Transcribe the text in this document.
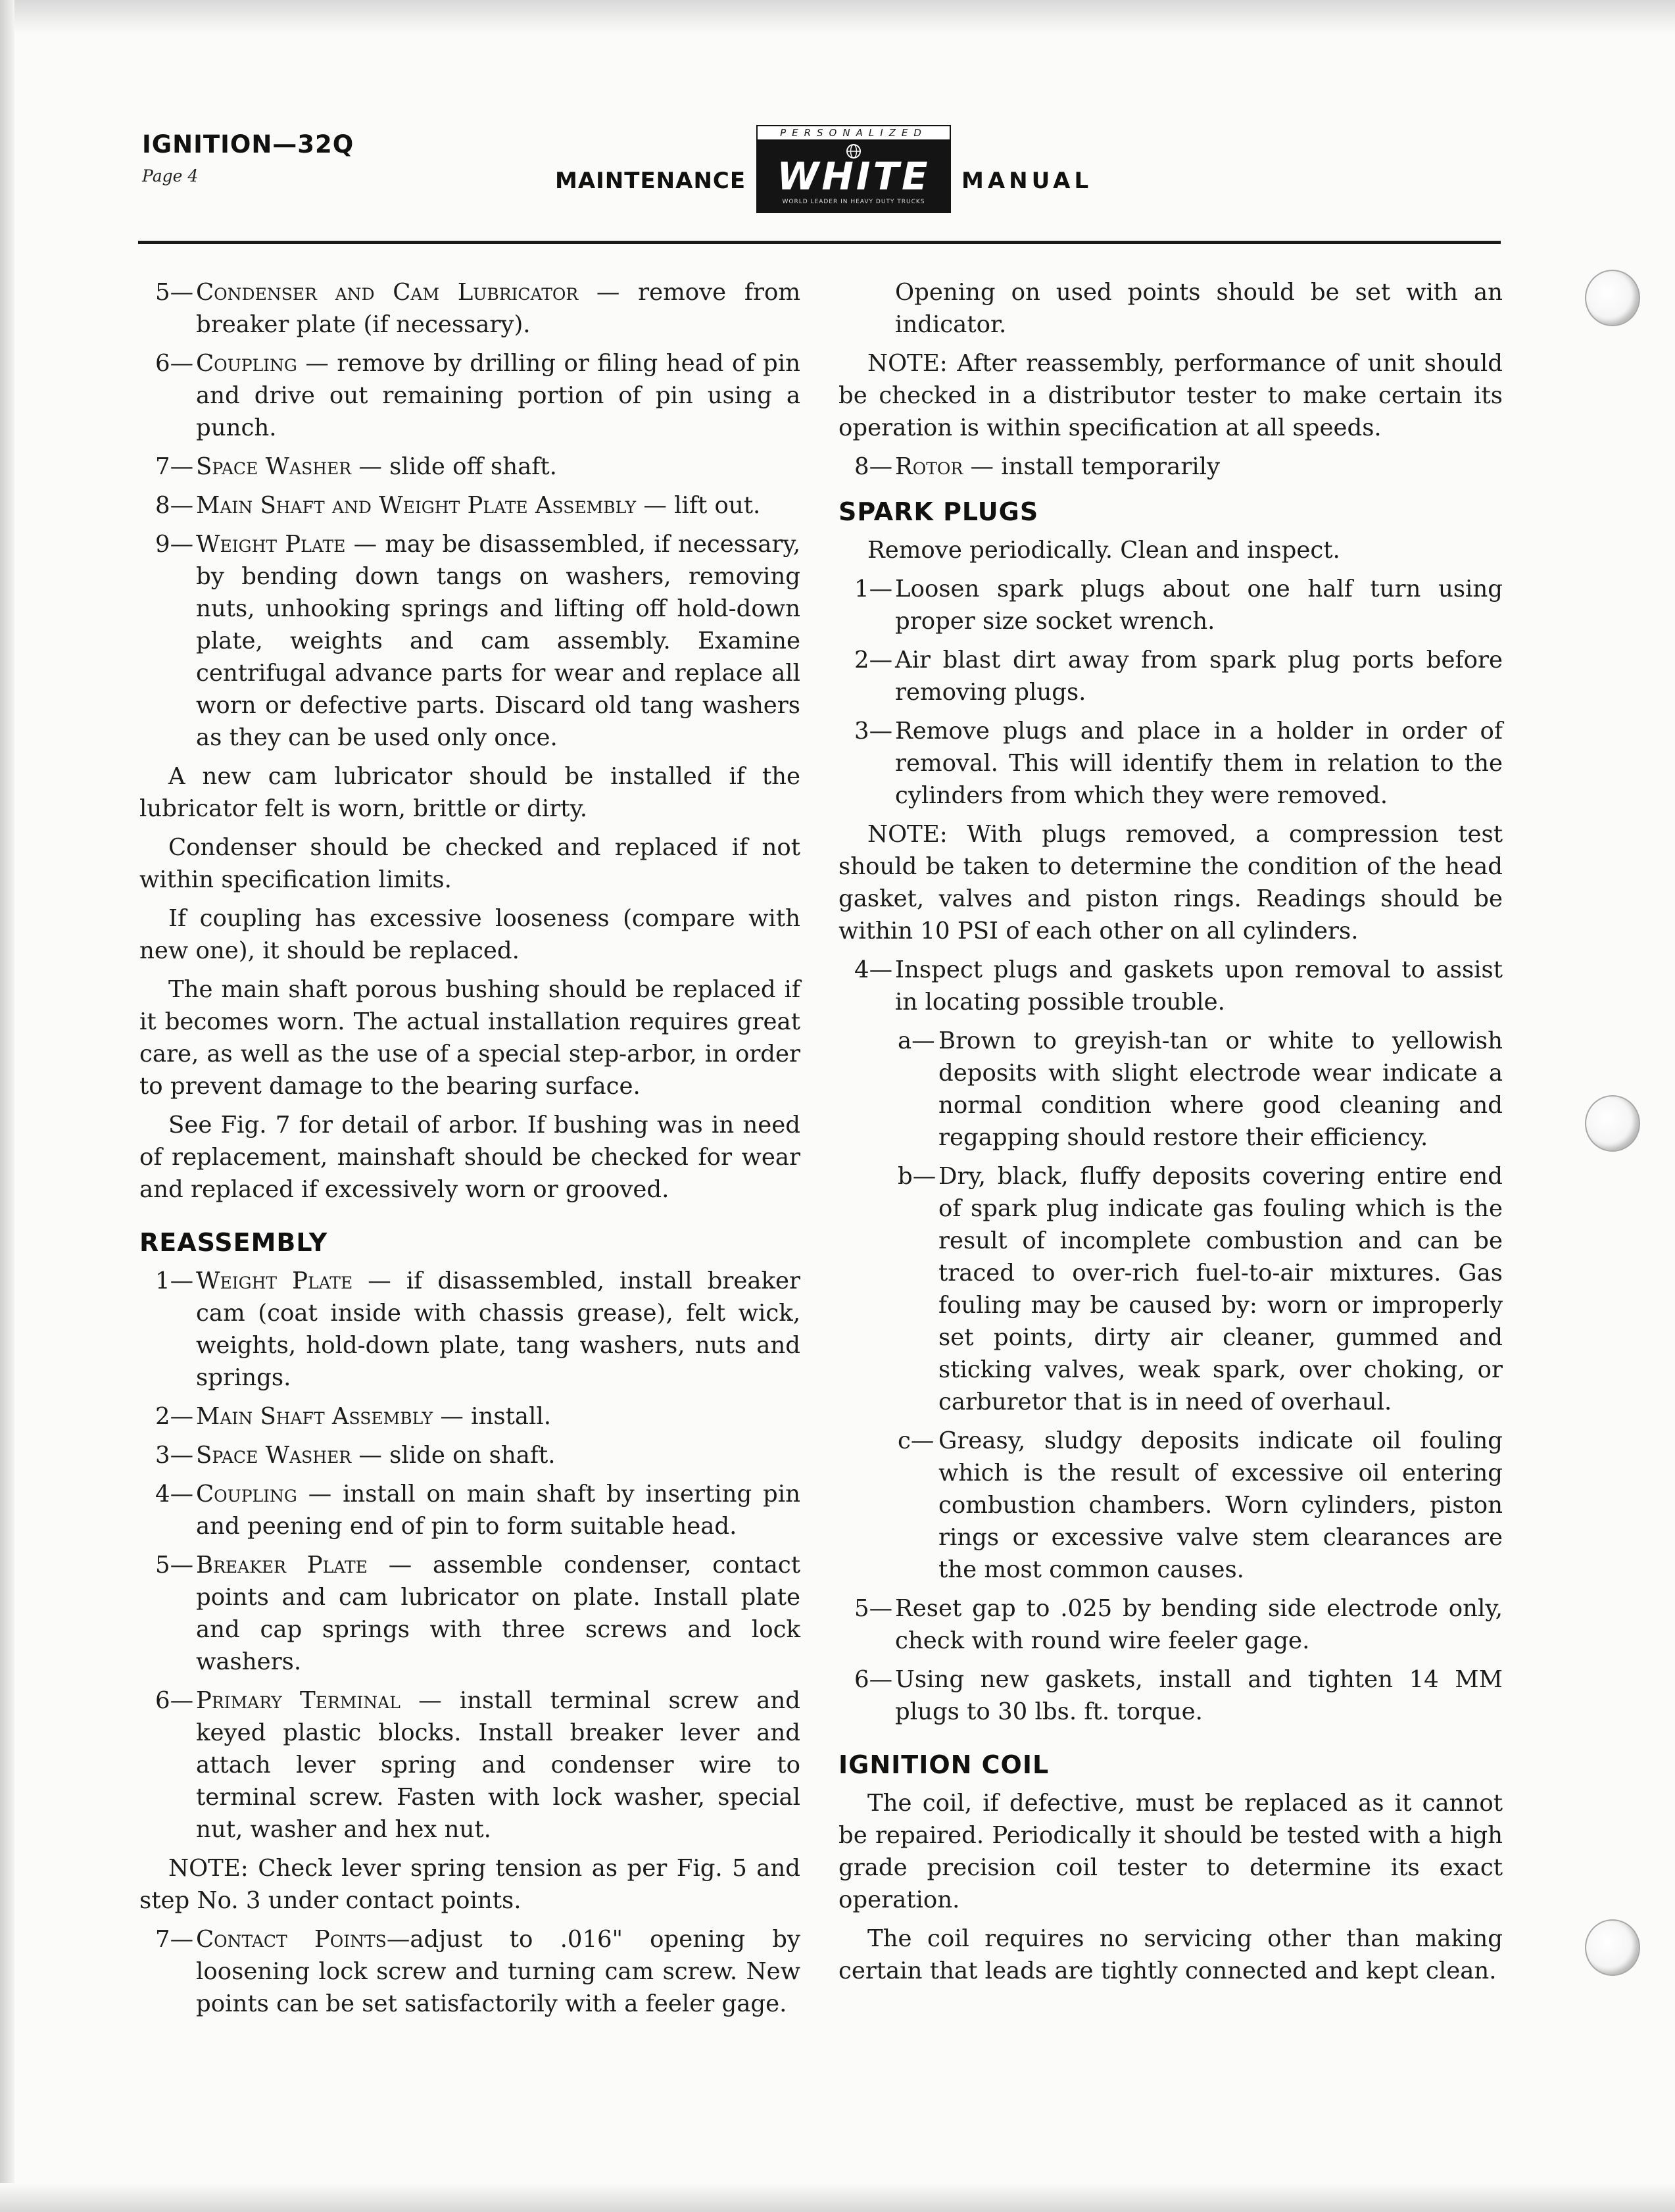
IGNITION—32Q
Page 4	MAINTENANCE
PERSONALIZED
WHITE
WORLD LEADER IN HEAVY DUTY TRUCKS
MANUAL
5— Condenser and Cam Lubricator — remove from breaker plate (if necessary).
6— Coupling — remove by drilling or filing head of pin and drive out remaining portion of pin using a punch.
7— Space Washer — slide off shaft.
8— Main Shaft and Weight Plate Assembly — lift out.
9— Weight Plate — may be disassembled, if necessary, by bending down tangs on washers, removing nuts, unhooking springs and lifting off hold-down plate, weights and cam assembly. Examine centrifugal advance parts for wear and replace all worn or defective parts. Discard old tang washers as they can be used only once.

A new cam lubricator should be installed if the lubricator felt is worn, brittle or dirty.

Condenser should be checked and replaced if not within specification limits.

If coupling has excessive looseness (compare with new one), it should be replaced.

The main shaft porous bushing should be replaced if it becomes worn. The actual installation requires great care, as well as the use of a special step-arbor, in order to prevent damage to the bearing surface.

See Fig. 7 for detail of arbor. If bushing was in need of replacement, mainshaft should be checked for wear and replaced if excessively worn or grooved.

REASSEMBLY
1— Weight Plate — if disassembled, install breaker cam (coat inside with chassis grease), felt wick, weights, hold-down plate, tang washers, nuts and springs.
2— Main Shaft Assembly — install.
3— Space Washer — slide on shaft.
4— Coupling — install on main shaft by inserting pin and peening end of pin to form suitable head.
5— Breaker Plate — assemble condenser, contact points and cam lubricator on plate. Install plate and cap springs with three screws and lock washers.
6— Primary Terminal — install terminal screw and keyed plastic blocks. Install breaker lever and attach lever spring and condenser wire to terminal screw. Fasten with lock washer, special nut, washer and hex nut.

NOTE: Check lever spring tension as per Fig. 5 and step No. 3 under contact points.

7— Contact Points—adjust to .016" opening by loosening lock screw and turning cam screw. New points can be set satisfactorily with a feeler gage.

Opening on used points should be set with an indicator.

NOTE: After reassembly, performance of unit should be checked in a distributor tester to make certain its operation is within specification at all speeds.

8— Rotor — install temporarily
SPARK PLUGS

Remove periodically. Clean and inspect.

1— Loosen spark plugs about one half turn using proper size socket wrench.
2— Air blast dirt away from spark plug ports before removing plugs.
3— Remove plugs and place in a holder in order of removal. This will identify them in relation to the cylinders from which they were removed.

NOTE: With plugs removed, a compression test should be taken to determine the condition of the head gasket, valves and piston rings. Readings should be within 10 PSI of each other on all cylinders.

4— Inspect plugs and gaskets upon removal to assist in locating possible trouble.
a— Brown to greyish-tan or white to yellowish deposits with slight electrode wear indicate a normal condition where good cleaning and regapping should restore their efficiency.
b— Dry, black, fluffy deposits covering entire end of spark plug indicate gas fouling which is the result of incomplete combustion and can be traced to over-rich fuel-to-air mixtures. Gas fouling may be caused by: worn or improperly set points, dirty air cleaner, gummed and sticking valves, weak spark, over choking, or carburetor that is in need of overhaul.
c— Greasy, sludgy deposits indicate oil fouling which is the result of excessive oil entering combustion chambers. Worn cylinders, piston rings or excessive valve stem clearances are the most common causes.
5— Reset gap to .025 by bending side electrode only, check with round wire feeler gage.
6— Using new gaskets, install and tighten 14 MM plugs to 30 lbs. ft. torque.
IGNITION COIL

The coil, if defective, must be replaced as it cannot be repaired. Periodically it should be tested with a high grade precision coil tester to determine its exact operation.

The coil requires no servicing other than making certain that leads are tightly connected and kept clean.
